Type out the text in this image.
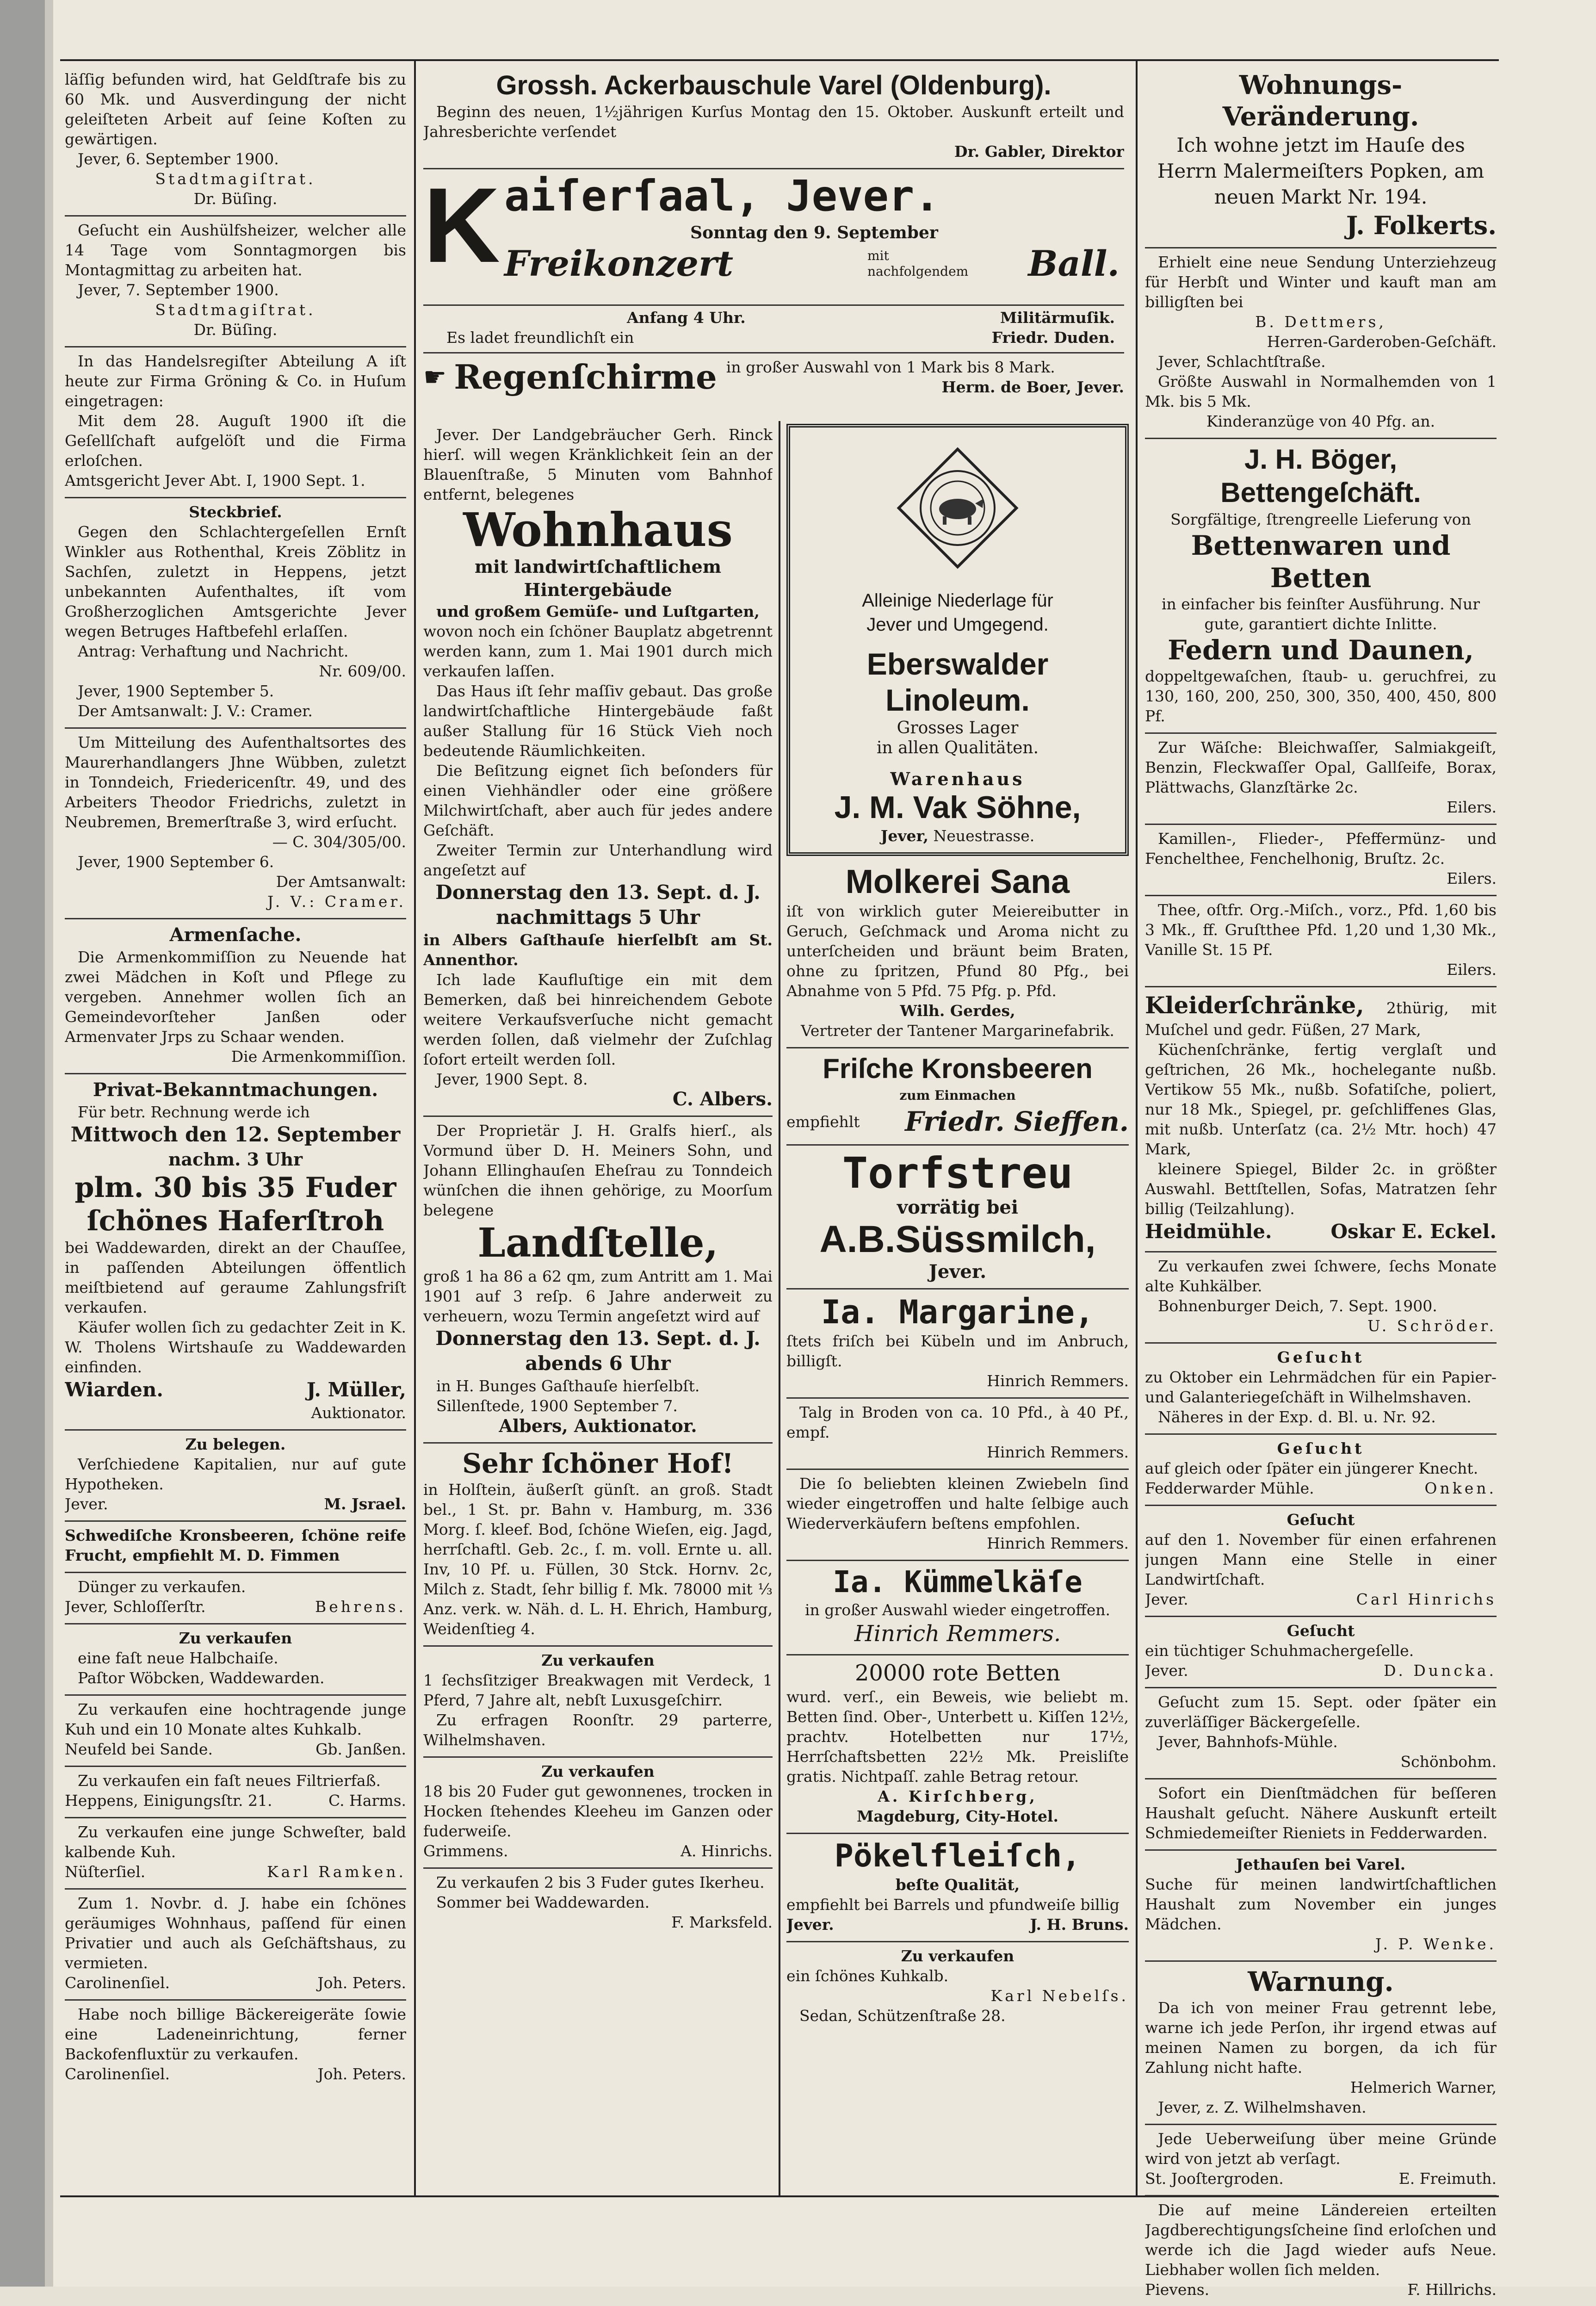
läſſig befunden wird, hat Geldſtrafe bis zu 60 Mk. und Ausverdingung der nicht geleiſteten Arbeit auf ſeine Koſten zu gewärtigen.

Jever, 6. September 1900.

Stadtmagiſtrat.

Dr. Büſing.

Geſucht ein Aushülfsheizer, welcher alle 14 Tage vom Sonntagmorgen bis Montagmittag zu arbeiten hat.

Jever, 7. September 1900.

Stadtmagiſtrat.

Dr. Büſing.

In das Handelsregiſter Abteilung A iſt heute zur Firma Gröning & Co. in Huſum eingetragen:

Mit dem 28. Auguſt 1900 iſt die Geſellſchaft aufgelöſt und die Firma erloſchen.

Amtsgericht Jever Abt. I, 1900 Sept. 1.

Steckbrief.

Gegen den Schlachtergeſellen Ernſt Winkler aus Rothenthal, Kreis Zöblitz in Sachſen, zuletzt in Heppens, jetzt unbekannten Aufenthaltes, iſt vom Großherzoglichen Amtsgerichte Jever wegen Betruges Haftbefehl erlaſſen.

Antrag: Verhaftung und Nachricht.

Nr. 609/00.

Jever, 1900 September 5.

Der Amtsanwalt: J. V.: Cramer.

Um Mitteilung des Aufenthaltsortes des Maurerhandlangers Jhne Wübben, zuletzt in Tonndeich, Friedericenſtr. 49, und des Arbeiters Theodor Friedrichs, zuletzt in Neubremen, Bremerſtraße 3, wird erſucht.

— C. 304/305/00.

Jever, 1900 September 6.

Der Amtsanwalt:

J. V.: Cramer.

Armenſache.

Die Armenkommiſſion zu Neuende hat zwei Mädchen in Koſt und Pflege zu vergeben. Annehmer wollen ſich an Gemeindevorſteher Janßen oder Armenvater Jrps zu Schaar wenden.

Die Armenkommiſſion.

Privat-Bekanntmachungen.

Für betr. Rechnung werde ich

Mittwoch den 12. September

nachm. 3 Uhr

plm. 30 bis 35 Fuder

ſchönes Haferſtroh

bei Waddewarden, direkt an der Chauſſee, in paſſenden Abteilungen öffentlich meiſtbietend auf geraume Zahlungsfriſt verkaufen.

Käufer wollen ſich zu gedachter Zeit in K. W. Tholens Wirtshauſe zu Waddewarden einfinden.

Wiarden.	J. Müller,

Auktionator.

Zu belegen.

Verſchiedene Kapitalien, nur auf gute Hypotheken.

Jever.	M. Jsrael.

Schwediſche Kronsbeeren, ſchöne reife Frucht, empfiehlt M. D. Fimmen

Dünger zu verkaufen.

Jever, Schloſſerſtr.	Behrens.

Zu verkaufen

eine faſt neue Halbchaiſe.

Paſtor Wöbcken, Waddewarden.

Zu verkaufen eine hochtragende junge Kuh und ein 10 Monate altes Kuhkalb.

Neufeld bei Sande.	Gb. Janßen.

Zu verkaufen ein faſt neues Filtrierfaß.

Heppens, Einigungsſtr. 21.	C. Harms.

Zu verkaufen eine junge Schweſter, bald kalbende Kuh.

Nüſterſiel.	Karl Ramken.

Zum 1. Novbr. d. J. habe ein ſchönes geräumiges Wohnhaus, paſſend für einen Privatier und auch als Geſchäftshaus, zu vermieten.

Carolinenſiel.	Joh. Peters.

Habe noch billige Bäckereigeräte ſowie eine Ladeneinrichtung, ferner Backofenfluxtür zu verkaufen.

Carolinenſiel.	Joh. Peters.

Grossh. Ackerbauschule Varel (Oldenburg).

Beginn des neuen, 1½jährigen Kurſus Montag den 15. Oktober. Auskunft erteilt und Jahresberichte verſendet

Dr. Gabler, Direktor

K aiſerſaal, Jever.
Sonntag den 9. September
Freikonzert	mit nachfolgendem Ball.
Anfang 4 Uhr.	Militärmuſik.
Es ladet freundlichſt ein	Friedr. Duden.
☛ Regenſchirme in großer Auswahl von 1 Mark bis 8 Mark.

Herm. de Boer, Jever.

Jever. Der Landgebräucher Gerh. Rinck hierſ. will wegen Kränklichkeit ſein an der Blauenſtraße, 5 Minuten vom Bahnhof entfernt, belegenes

Wohnhaus

mit landwirtſchaftlichem Hintergebäude

und großem Gemüſe- und Luſtgarten,

wovon noch ein ſchöner Bauplatz abgetrennt werden kann, zum 1. Mai 1901 durch mich verkaufen laſſen.

Das Haus iſt ſehr maſſiv gebaut. Das große landwirtſchaftliche Hintergebäude faßt außer Stallung für 16 Stück Vieh noch bedeutende Räumlichkeiten.

Die Beſitzung eignet ſich beſonders für einen Viehhändler oder eine größere Milchwirtſchaft, aber auch für jedes andere Geſchäft.

Zweiter Termin zur Unterhandlung wird angeſetzt auf

Donnerstag den 13. Sept. d. J.

nachmittags 5 Uhr

in Albers Gaſthauſe hierſelbſt am St. Annenthor.

Ich lade Kaufluſtige ein mit dem Bemerken, daß bei hinreichendem Gebote weitere Verkaufsverſuche nicht gemacht werden ſollen, daß vielmehr der Zuſchlag ſofort erteilt werden ſoll.

Jever, 1900 Sept. 8.

C. Albers.

Der Proprietär J. H. Gralfs hierſ., als Vormund über D. H. Meiners Sohn, und Johann Ellinghauſen Eheſrau zu Tonndeich wünſchen die ihnen gehörige, zu Moorſum belegene

Landſtelle,

groß 1 ha 86 a 62 qm, zum Antritt am 1. Mai 1901 auf 3 reſp. 6 Jahre anderweit zu verheuern, wozu Termin angeſetzt wird auf

Donnerstag den 13. Sept. d. J.

abends 6 Uhr

in H. Bunges Gaſthauſe hierſelbſt.

Sillenſtede, 1900 September 7.

Albers, Auktionator.

Sehr ſchöner Hof!

in Holſtein, äußerſt günſt. an groß. Stadt bel., 1 St. pr. Bahn v. Hamburg, m. 336 Morg. ſ. kleef. Bod, ſchöne Wieſen, eig. Jagd, herrſchaftl. Geb. 2c., ſ. m. voll. Ernte u. all. Inv, 10 Pf. u. Füllen, 30 Stck. Hornv. 2c, Milch z. Stadt, ſehr billig f. Mk. 78000 mit ⅓ Anz. verk. w. Näh. d. L. H. Ehrich, Hamburg, Weidenſtieg 4.

Zu verkaufen

1 ſechsſitziger Breakwagen mit Verdeck, 1 Pferd, 7 Jahre alt, nebſt Luxusgeſchirr.

Zu erfragen Roonſtr. 29 parterre, Wilhelmshaven.

Zu verkaufen

18 bis 20 Fuder gut gewonnenes, trocken in Hocken ſtehendes Kleeheu im Ganzen oder fuderweiſe.

Grimmens.	A. Hinrichs.

Zu verkaufen 2 bis 3 Fuder gutes Ikerheu.

Sommer bei Waddewarden.

F. Marksfeld.

Alleinige Niederlage für

Jever und Umgegend.

Eberswalder

Linoleum.

Grosses Lager

in allen Qualitäten.

Warenhaus

J. M. Vak Söhne,

Jever, Neuestrasse.

Molkerei Sana

iſt von wirklich guter Meiereibutter in Geruch, Geſchmack und Aroma nicht zu unterſcheiden und bräunt beim Braten, ohne zu ſpritzen, Pfund 80 Pfg., bei Abnahme von 5 Pfd. 75 Pfg. p. Pfd.

Wilh. Gerdes,

Vertreter der Tantener Margarinefabrik.

Friſche Kronsbeeren

zum Einmachen

empfiehlt Friedr. Sieffen.

Torfstreu

vorrätig bei

A.B.Süssmilch,

Jever.

Ia. Margarine,

ſtets friſch bei Kübeln und im Anbruch, billigſt.

Hinrich Remmers.

Talg in Broden von ca. 10 Pfd., à 40 Pf., empf.

Hinrich Remmers.

Die ſo beliebten kleinen Zwiebeln ſind wieder eingetroffen und halte ſelbige auch Wiederverkäufern beſtens empfohlen.

Hinrich Remmers.

Ia. Kümmelkäſe

in großer Auswahl wieder eingetroffen.

Hinrich Remmers.

20000 rote Betten

wurd. verſ., ein Beweis, wie beliebt m. Betten ſind. Ober-, Unterbett u. Kiſſen 12½, prachtv. Hotelbetten nur 17½, Herrſchaftsbetten 22½ Mk. Preisliſte gratis. Nichtpaſſ. zahle Betrag retour.

A. Kirſchberg,

Magdeburg, City-Hotel.

Pökelfleiſch,

beſte Qualität,

empfiehlt bei Barrels und pfundweiſe billig

Jever.	J. H. Bruns.

Zu verkaufen

ein ſchönes Kuhkalb.

Karl Nebelſs.

Sedan, Schützenſtraße 28.

Wohnungs-Veränderung.

Ich wohne jetzt im Hauſe des Herrn Malermeiſters Popken, am neuen Markt Nr. 194.

J. Folkerts.

Erhielt eine neue Sendung Unterziehzeug für Herbſt und Winter und kauft man am billigſten bei

B. Dettmers,

Herren-Garderoben-Geſchäft.

Jever, Schlachtſtraße.

Größte Auswahl in Normalhemden von 1 Mk. bis 5 Mk.

Kinderanzüge von 40 Pfg. an.

J. H. Böger, Bettengeſchäft.

Sorgfältige, ſtrengreelle Lieferung von

Bettenwaren und Betten

in einfacher bis feinſter Ausführung. Nur gute, garantiert dichte Inlitte.

Federn und Daunen,

doppeltgewaſchen, ſtaub- u. geruchfrei, zu 130, 160, 200, 250, 300, 350, 400, 450, 800 Pf.

Zur Wäſche: Bleichwaſſer, Salmiakgeiſt, Benzin, Fleckwaſſer Opal, Gallſeife, Borax, Plättwachs, Glanzſtärke 2c.

Eilers.

Kamillen-, Flieder-, Pfeffermünz- und Fenchelthee, Fenchelhonig, Bruſtz. 2c.

Eilers.

Thee, oſtfr. Org.-Miſch., vorz., Pfd. 1,60 bis 3 Mk., ff. Gruſtthee Pfd. 1,20 und 1,30 Mk., Vanille St. 15 Pf.

Eilers.

Kleiderſchränke, 2thürig, mit Muſchel und gedr. Füßen, 27 Mark,

Küchenſchränke, fertig verglaſt und geſtrichen, 26 Mk., hochelegante nußb. Vertikow 55 Mk., nußb. Sofatiſche, poliert, nur 18 Mk., Spiegel, pr. geſchliffenes Glas, mit nußb. Unterſatz (ca. 2½ Mtr. hoch) 47 Mark,

kleinere Spiegel, Bilder 2c. in größter Auswahl. Bettſtellen, Sofas, Matratzen ſehr billig (Teilzahlung).

Heidmühle.	Oskar E. Eckel.

Zu verkaufen zwei ſchwere, ſechs Monate alte Kuhkälber.

Bohnenburger Deich, 7. Sept. 1900.

U. Schröder.

Geſucht

zu Oktober ein Lehrmädchen für ein Papier- und Galanteriegeſchäft in Wilhelmshaven.

Näheres in der Exp. d. Bl. u. Nr. 92.

Geſucht

auf gleich oder ſpäter ein jüngerer Knecht.

Fedderwarder Mühle.	Onken.

Geſucht

auf den 1. November für einen erfahrenen jungen Mann eine Stelle in einer Landwirtſchaft.

Jever.	Carl Hinrichs

Geſucht

ein tüchtiger Schuhmachergeſelle.

Jever.	D. Duncka.

Geſucht zum 15. Sept. oder ſpäter ein zuverläſſiger Bäckergeſelle.

Jever, Bahnhofs-Mühle.

Schönbohm.

Sofort ein Dienſtmädchen für beſſeren Haushalt geſucht. Nähere Auskunft erteilt Schmiedemeiſter Rieniets in Fedderwarden.

Jethauſen bei Varel.

Suche für meinen landwirtſchaftlichen Haushalt zum November ein junges Mädchen.

J. P. Wenke.

Warnung.

Da ich von meiner Frau getrennt lebe, warne ich jede Perſon, ihr irgend etwas auf meinen Namen zu borgen, da ich für Zahlung nicht hafte.

Helmerich Warner,

Jever, z. Z. Wilhelmshaven.

Jede Ueberweiſung über meine Gründe wird von jetzt ab verſagt.

St. Jooſtergroden.	E. Freimuth.

Die auf meine Ländereien erteilten Jagdberechtigungsſcheine ſind erloſchen und werde ich die Jagd wieder aufs Neue. Liebhaber wollen ſich melden.

Pievens.	F. Hillrichs.
